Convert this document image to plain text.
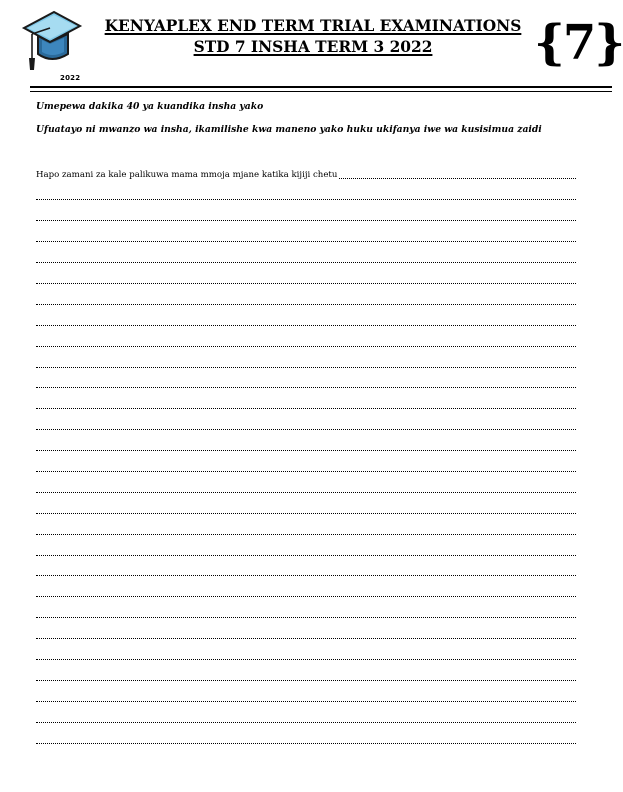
2022
KENYAPLEX END TERM TRIAL EXAMINATIONS
STD 7 INSHA TERM 3 2022	{7}
Umepewa dakika 40 ya kuandika insha yako
Ufuatayo ni mwanzo wa insha, ikamilishe kwa maneno yako huku ukifanya iwe wa kusisimua zaidi
Hapo zamani za kale palikuwa mama mmoja mjane katika kijiji chetu
